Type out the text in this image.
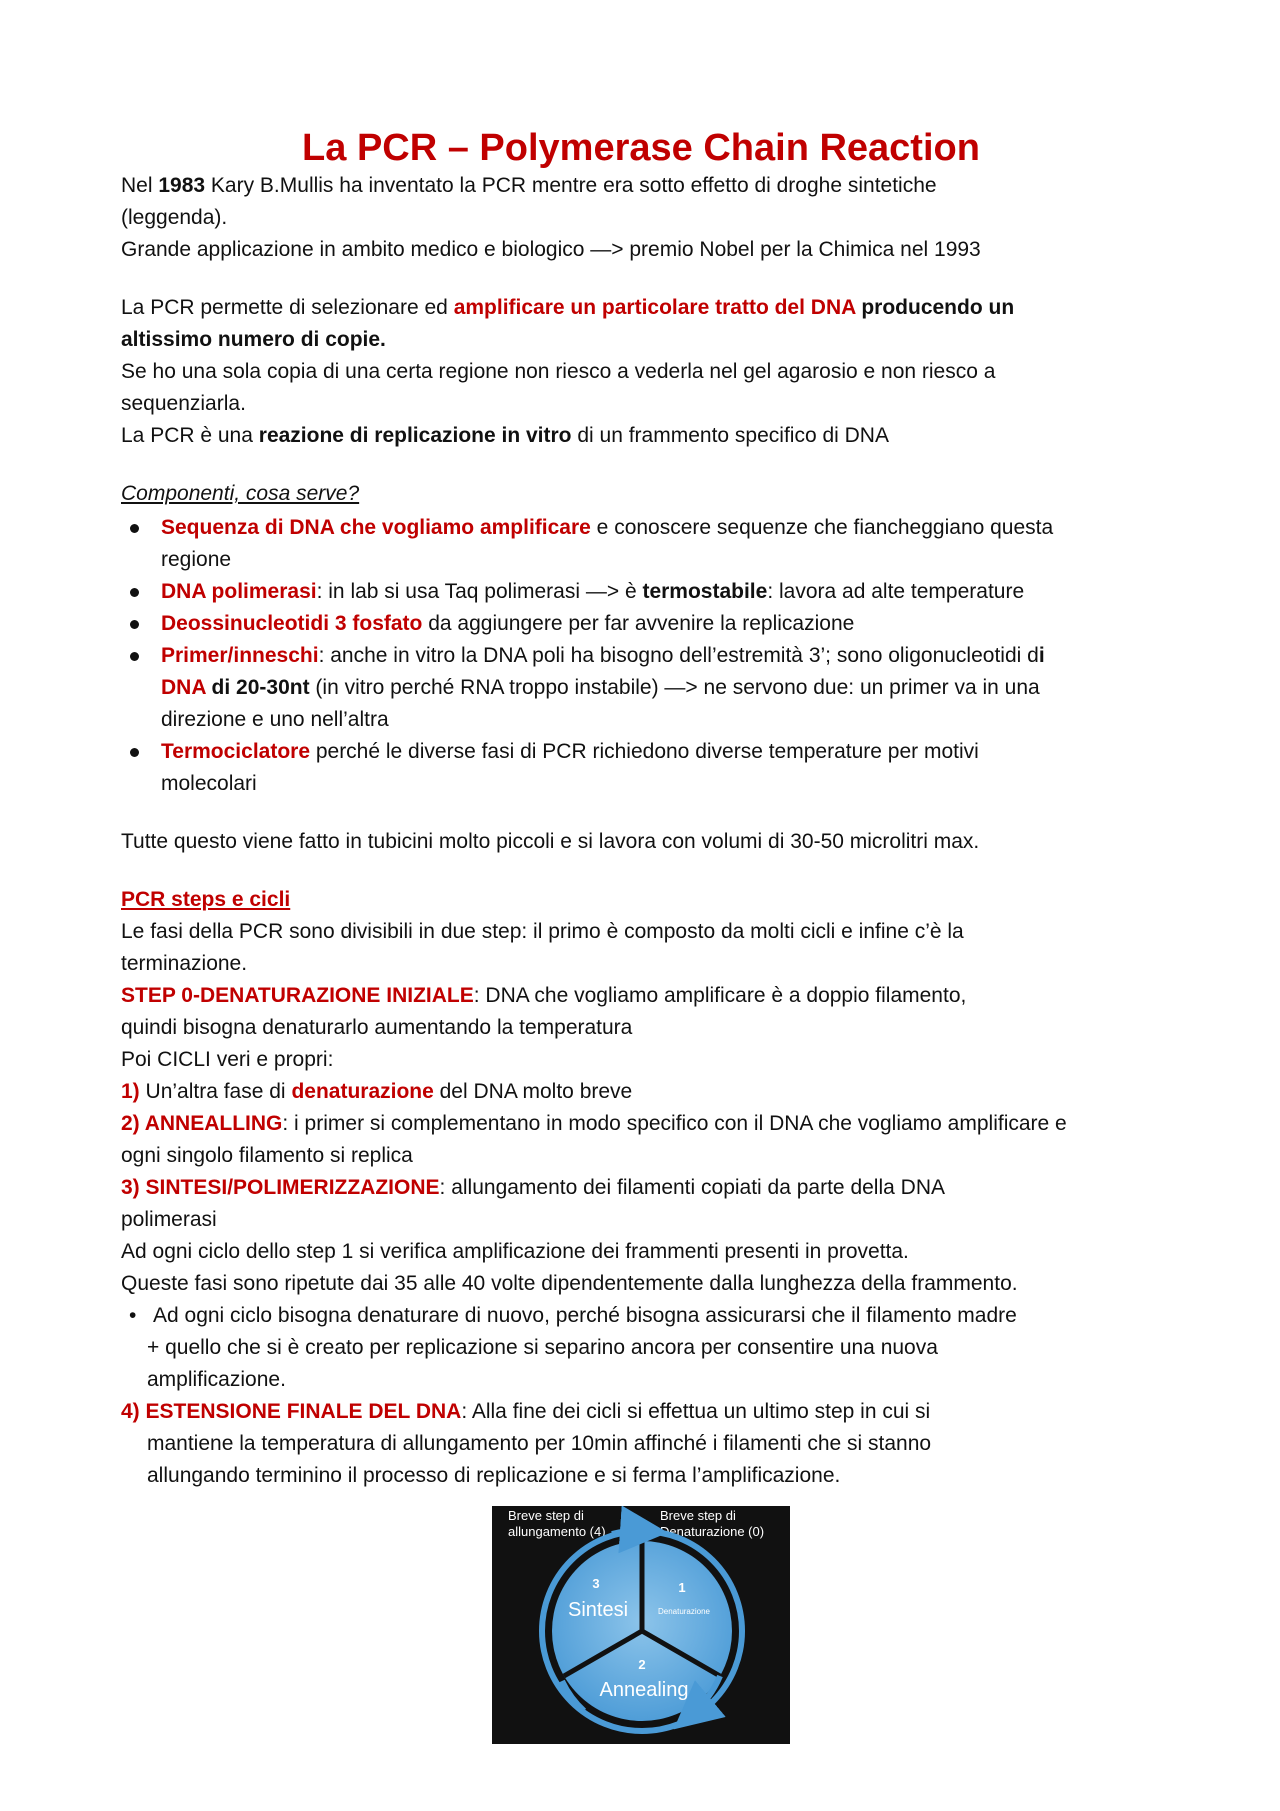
La PCR – Polymerase Chain Reaction

Nel 1983 Kary B.Mullis ha inventato la PCR mentre era sotto effetto di droghe sintetiche

(leggenda).

Grande applicazione in ambito medico e biologico —> premio Nobel per la Chimica nel 1993

La PCR permette di selezionare ed amplificare un particolare tratto del DNA producendo un

altissimo numero di copie.

Se ho una sola copia di una certa regione non riesco a vederla nel gel agarosio e non riesco a

sequenziarla.

La PCR è una reazione di replicazione in vitro di un frammento specifico di DNA

Componenti, cosa serve?

Sequenza di DNA che vogliamo amplificare e conoscere sequenze che fiancheggiano questa
regione
DNA polimerasi: in lab si usa Taq polimerasi —> è termostabile: lavora ad alte temperature
Deossinucleotidi 3 fosfato da aggiungere per far avvenire la replicazione
Primer/inneschi: anche in vitro la DNA poli ha bisogno dell’estremità 3’; sono oligonucleotidi di
DNA di 20-30nt (in vitro perché RNA troppo instabile) —> ne servono due: un primer va in una
direzione e uno nell’altra
Termociclatore perché le diverse fasi di PCR richiedono diverse temperature per motivi
molecolari

Tutte questo viene fatto in tubicini molto piccoli e si lavora con volumi di 30-50 microlitri max.

PCR steps e cicli

Le fasi della PCR sono divisibili in due step: il primo è composto da molti cicli e infine c’è la

terminazione.

STEP 0-DENATURAZIONE INIZIALE: DNA che vogliamo amplificare è a doppio filamento,

quindi bisogna denaturarlo aumentando la temperatura

Poi CICLI veri e propri:

1) Un’altra fase di denaturazione del DNA molto breve

2) ANNEALLING: i primer si complementano in modo specifico con il DNA che vogliamo amplificare e

ogni singolo filamento si replica

3) SINTESI/POLIMERIZZAZIONE: allungamento dei filamenti copiati da parte della DNA

polimerasi

Ad ogni ciclo dello step 1 si verifica amplificazione dei frammenti presenti in provetta.

Queste fasi sono ripetute dai 35 alle 40 volte dipendentemente dalla lunghezza della frammento.

• Ad ogni ciclo bisogna denaturare di nuovo, perché bisogna assicurarsi che il filamento madre

+ quello che si è creato per replicazione si separino ancora per consentire una nuova

amplificazione.

4) ESTENSIONE FINALE DEL DNA: Alla fine dei cicli si effettua un ultimo step in cui si

mantiene la temperatura di allungamento per 10min affinché i filamenti che si stanno

allungando terminino il processo di replicazione e si ferma l’amplificazione.

Breve step di
allungamento (4)
Breve step di
Denaturazione (0)
3
Sintesi
1
Denaturazione
2
Annealing
